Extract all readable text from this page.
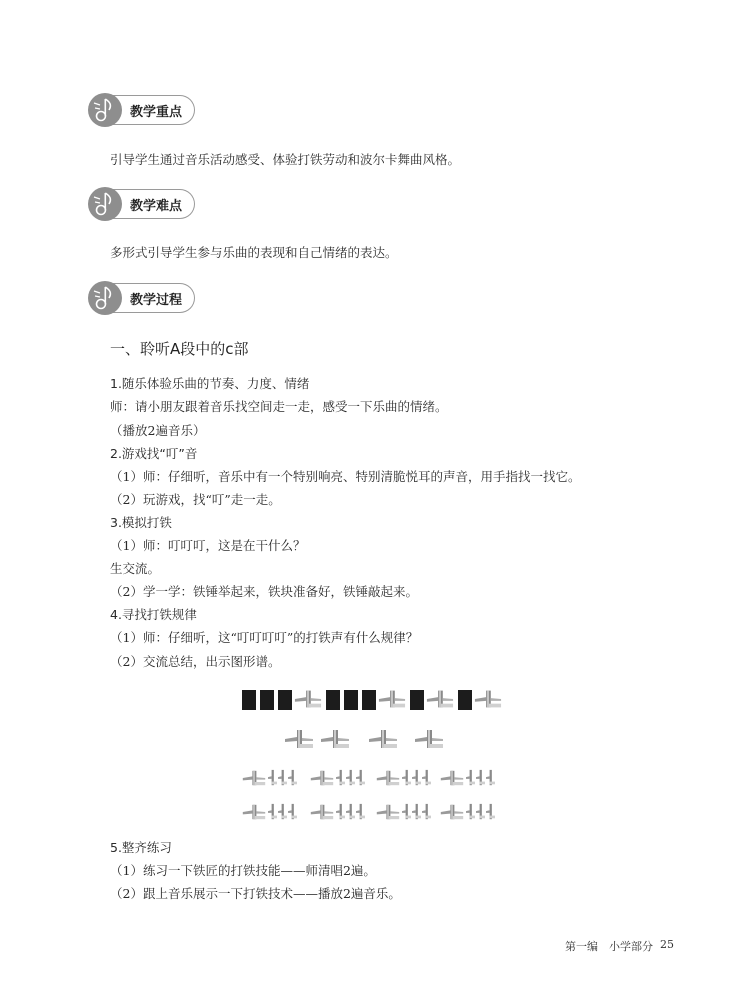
教学重点
引导学生通过音乐活动感受、体验打铁劳动和波尔卡舞曲风格。
教学难点
多形式引导学生参与乐曲的表现和自己情绪的表达。
教学过程
一、聆听A段中的c部
1.随乐体验乐曲的节奏、力度、情绪
师：请小朋友跟着音乐找空间走一走，感受一下乐曲的情绪。
（播放2遍音乐）
2.游戏找“叮”音
（1）师：仔细听，音乐中有一个特别响亮、特别清脆悦耳的声音，用手指找一找它。
（2）玩游戏，找“叮”走一走。
3.模拟打铁
（1）师：叮叮叮，这是在干什么？
生交流。
（2）学一学：铁锤举起来，铁块准备好，铁锤敲起来。
4.寻找打铁规律
（1）师：仔细听，这“叮叮叮叮”的打铁声有什么规律？
（2）交流总结，出示图形谱。
5.整齐练习
（1）练习一下铁匠的打铁技能——师清唱2遍。
（2）跟上音乐展示一下打铁技术——播放2遍音乐。
第一编　小学部分 25
